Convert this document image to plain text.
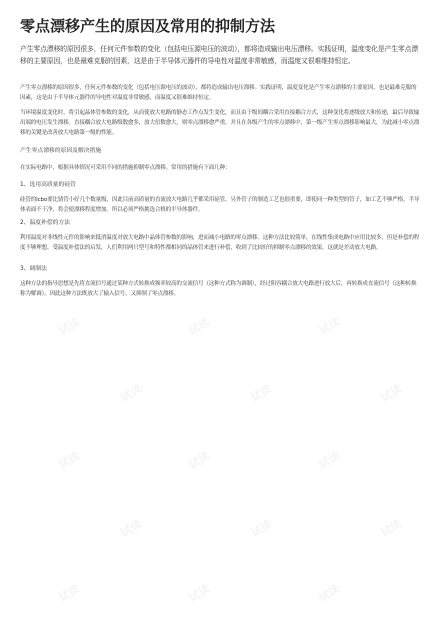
零点漂移产生的原因及常用的抑制方法

产生零点漂移的原因很多，任何元件参数的变化（包括电压源电压的波动），都将造成输出电压漂移。实践证明，温度变化是产生零点漂移的主要原因，也是最难克服的因素，这是由于半导体元器件的导电性对温度非常敏感，而温度又很难维持恒定。

产生零点漂移的原因很多，任何元件参数的变化（包括电压源电压的波动），都将造成输出电压漂移。实践证明，温度变化是产生零点漂移的主要原因，也是最难克服的因素，这是由于半导体元器件的导电性对温度非常敏感，而温度又很难维持恒定。

当环境温度变化时，将引起晶体管参数的变化，从而使放大电路的静态工作点发生变化，而且由于级间耦合采用直接耦合方式，这种变化将逐级放大和传递，最后导致输出端的电压发生漂移。直接耦合放大电路级数愈多，放大倍数愈大，则零点漂移愈严重，并且在各级产生的零点漂移中，第一级产生零点漂移影响最大，为此减小零点漂移的关键是改善放大电路第一级的性能。

产生零点漂移的原因及解决措施

在实际电路中，根据具体情况可采用不同的措施抑制零点漂移。常用的措施有下面几种：

1、选用高质量的硅管

硅管的Icbo要比锗管小好几个数量级，因此目前高质量的直流放大电路几乎都采用硅管。另外管子的制造工艺也很重要，即使同一种类型的管子，如工艺不够严格，半导体表面不干净，将会使漂移程度增加。所以必须严格挑选合格的半导体器件。

2、温度补偿的方法

利用温度对非线性元件的影响来抵消温度对放大电路中晶体管参数的影响，进而减小电路的零点漂移。这种方法比较简单，在线性集成电路中应用比较多，但是补偿的程度不够理想。受温度补偿法的启发，人们利用两只型号和特性都相同的晶体管来进行补偿，收到了比较好的抑制零点漂移的效果，这就是差动放大电路。

3、调制法

这种方法的指导思想是先将直流信号通过某种方式转换成频率较高的交流信号（这种方式称为调制），经过阻容耦合放大电路进行放大后，再转换成直流信号（这种转换称为解调）。因此这种方法既放大了输入信号，又抑制了零点漂移。

试读	试读	试读
试读	试读	试读
试读	试读	试读
试读	试读	试读
试读	试读	试读
